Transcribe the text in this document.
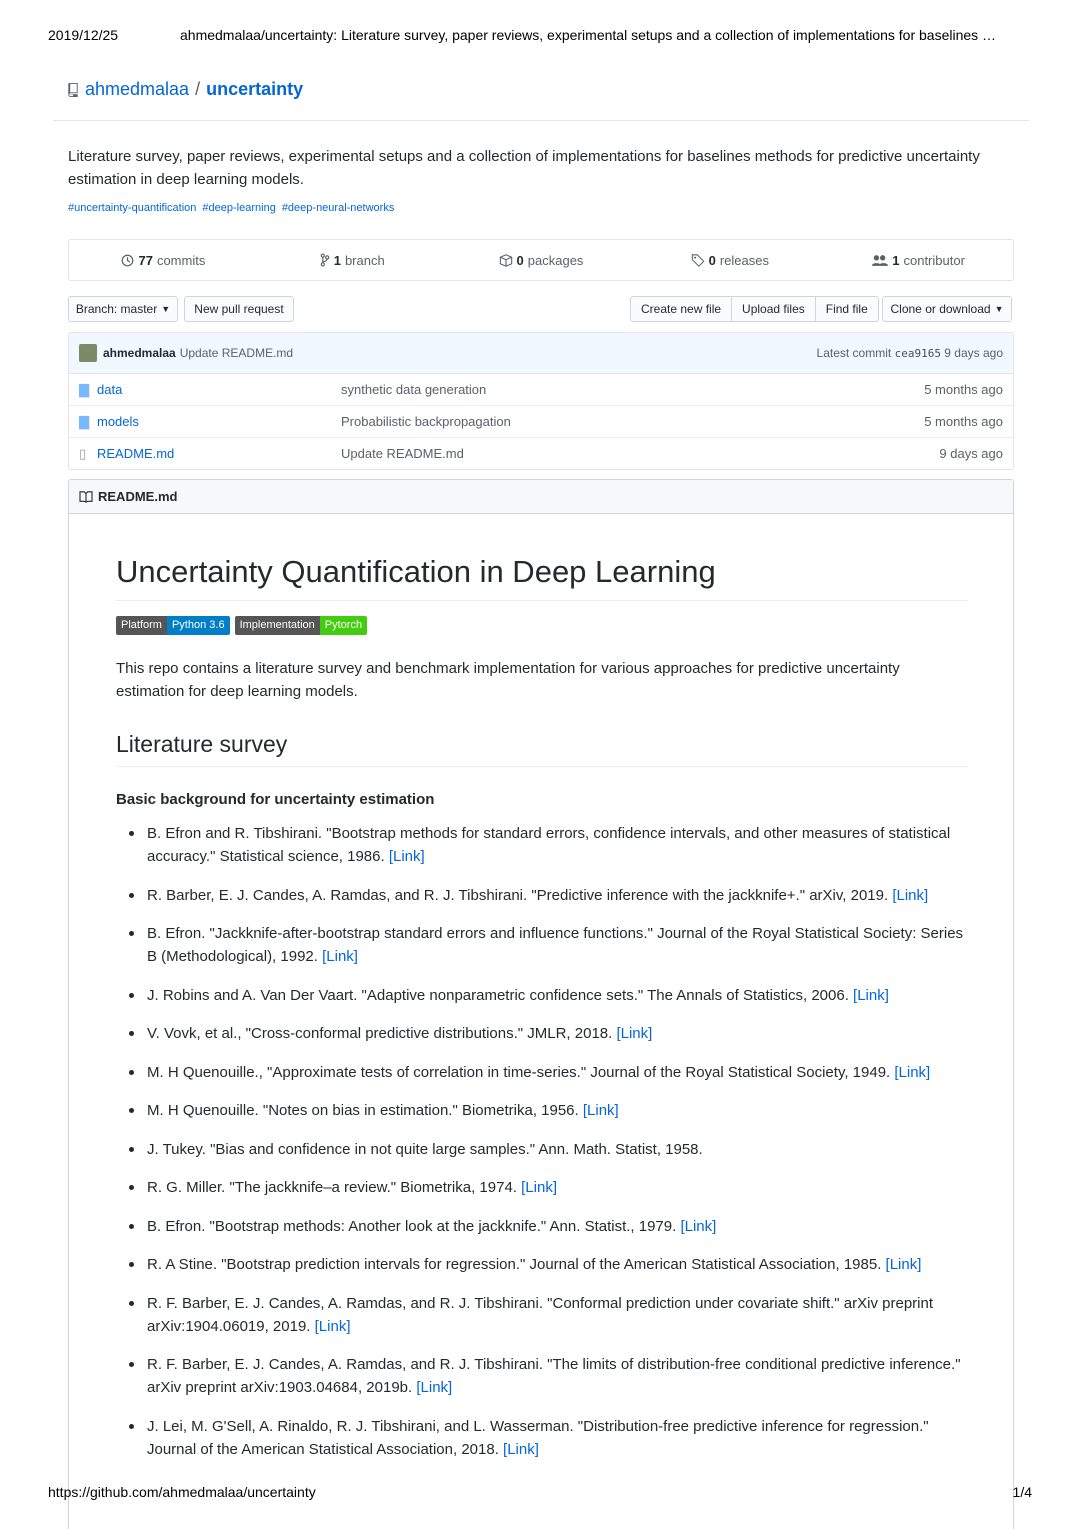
2019/12/25	ahmedmalaa/uncertainty: Literature survey, paper reviews, experimental setups and a collection of implementations for baselines …
ahmedmalaa / uncertainty
Literature survey, paper reviews, experimental setups and a collection of implementations for baselines methods for predictive uncertainty estimation in deep learning models.
#uncertainty-quantification #deep-learning #deep-neural-networks
77 commits	1 branch	0 packages	0 releases	1 contributor
Branch: master ▼	New pull request	Create new file	Upload files	Find file	Clone or download ▼
ahmedmalaa Update README.md	Latest commit cea9165 9 days ago
▇ data	synthetic data generation	5 months ago
▇ models	Probabilistic backpropagation	5 months ago
▯ README.md	Update README.md	9 days ago
README.md
Uncertainty Quantification in Deep Learning
Platform Python 3.6	Implementation Pytorch
This repo contains a literature survey and benchmark implementation for various approaches for predictive uncertainty estimation for deep learning models.
Literature survey
Basic background for uncertainty estimation
B. Efron and R. Tibshirani. "Bootstrap methods for standard errors, confidence intervals, and other measures of statistical accuracy." Statistical science, 1986. [Link]
R. Barber, E. J. Candes, A. Ramdas, and R. J. Tibshirani. "Predictive inference with the jackknife+." arXiv, 2019. [Link]
B. Efron. "Jackknife-after-bootstrap standard errors and influence functions." Journal of the Royal Statistical Society: Series B (Methodological), 1992. [Link]
J. Robins and A. Van Der Vaart. "Adaptive nonparametric confidence sets." The Annals of Statistics, 2006. [Link]
V. Vovk, et al., "Cross-conformal predictive distributions." JMLR, 2018. [Link]
M. H Quenouille., "Approximate tests of correlation in time-series." Journal of the Royal Statistical Society, 1949. [Link]
M. H Quenouille. "Notes on bias in estimation." Biometrika, 1956. [Link]
J. Tukey. "Bias and confidence in not quite large samples." Ann. Math. Statist, 1958.
R. G. Miller. "The jackknife–a review." Biometrika, 1974. [Link]
B. Efron. "Bootstrap methods: Another look at the jackknife." Ann. Statist., 1979. [Link]
R. A Stine. "Bootstrap prediction intervals for regression." Journal of the American Statistical Association, 1985. [Link]
R. F. Barber, E. J. Candes, A. Ramdas, and R. J. Tibshirani. "Conformal prediction under covariate shift." arXiv preprint arXiv:1904.06019, 2019. [Link]
R. F. Barber, E. J. Candes, A. Ramdas, and R. J. Tibshirani. "The limits of distribution-free conditional predictive inference." arXiv preprint arXiv:1903.04684, 2019b. [Link]
J. Lei, M. G'Sell, A. Rinaldo, R. J. Tibshirani, and L. Wasserman. "Distribution-free predictive inference for regression." Journal of the American Statistical Association, 2018. [Link]
https://github.com/ahmedmalaa/uncertainty	1/4
